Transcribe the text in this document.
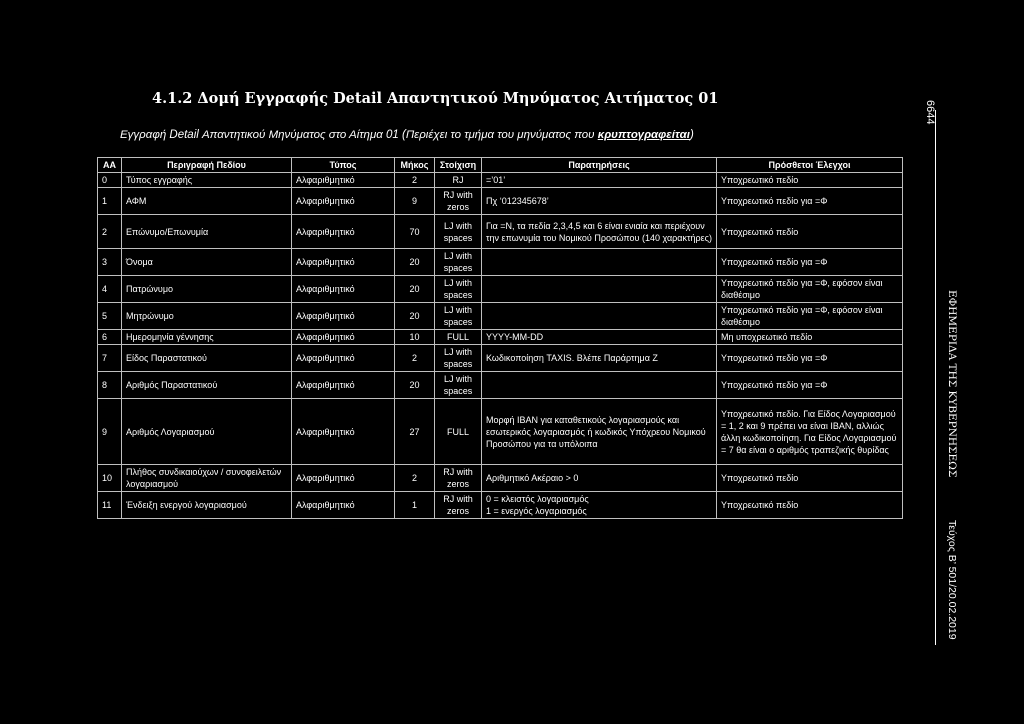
4.1.2 Δομή Εγγραφής Detail Απαντητικού Μηνύματος Αιτήματος 01
Εγγραφή Detail Απαντητικού Μηνύματος στο Αίτημα 01 (Περιέχει το τμήμα του μηνύματος που κρυπτογραφείται)
AA	Περιγραφή Πεδίου	Τύπος	Μήκος	Στοίχιση	Παρατηρήσεις	Πρόσθετοι Έλεγχοι
0	Τύπος εγγραφής	Αλφαριθμητικό	2	RJ	=’01’	Υποχρεωτικό πεδίο
1	ΑΦΜ	Αλφαριθμητικό	9	RJ with zeros	Πχ ‘012345678’	Υποχρεωτικό πεδίο για =Φ
2	Επώνυμο/Επωνυμία	Αλφαριθμητικό	70	LJ with spaces	Για =Ν, τα πεδία 2,3,4,5 και 6 είναι ενιαία και περιέχουν την επωνυμία του Νομικού Προσώπου (140 χαρακτήρες)	Υποχρεωτικό πεδίο
3	Όνομα	Αλφαριθμητικό	20	LJ with spaces		Υποχρεωτικό πεδίο για =Φ
4	Πατρώνυμο	Αλφαριθμητικό	20	LJ with spaces		Υποχρεωτικό πεδίο για =Φ, εφόσον είναι διαθέσιμο
5	Μητρώνυμο	Αλφαριθμητικό	20	LJ with spaces		Υποχρεωτικό πεδίο για =Φ, εφόσον είναι διαθέσιμο
6	Ημερομηνία γέννησης	Αλφαριθμητικό	10	FULL	YYYY-MM-DD	Μη υποχρεωτικό πεδίο
7	Είδος Παραστατικού	Αλφαριθμητικό	2	LJ with spaces	Κωδικοποίηση TAXIS. Βλέπε Παράρτημα Ζ	Υποχρεωτικό πεδίο για =Φ
8	Αριθμός Παραστατικού	Αλφαριθμητικό	20	LJ with spaces		Υποχρεωτικό πεδίο για =Φ
9	Αριθμός Λογαριασμού	Αλφαριθμητικό	27	FULL	Μορφή IBAN για καταθετικούς λογαριασμούς και εσωτερικός λογαριασμός ή κωδικός Υπόχρεου Νομικού Προσώπου για τα υπόλοιπα	Υποχρεωτικό πεδίο. Για Είδος Λογαριασμού = 1, 2 και 9 πρέπει να είναι IBAN, αλλιώς άλλη κωδικοποίηση. Για Είδος Λογαριασμού = 7 θα είναι ο αριθμός τραπεζικής θυρίδας
10	Πλήθος συνδικαιούχων / συνοφειλετών λογαριασμού	Αλφαριθμητικό	2	RJ with zeros	Αριθμητικό Ακέραιο > 0	Υποχρεωτικό πεδίο
11	Ένδειξη ενεργού λογαριασμού	Αλφαριθμητικό	1	RJ with zeros	0 = κλειστός λογαριασμός
1 = ενεργός λογαριασμός	Υποχρεωτικό πεδίο
6644
ΕΦΗΜΕΡΙΔΑ ΤΗΣ ΚΥΒΕΡΝΗΣΕΩΣ
Τεύχος Β’ 501/20.02.2019
